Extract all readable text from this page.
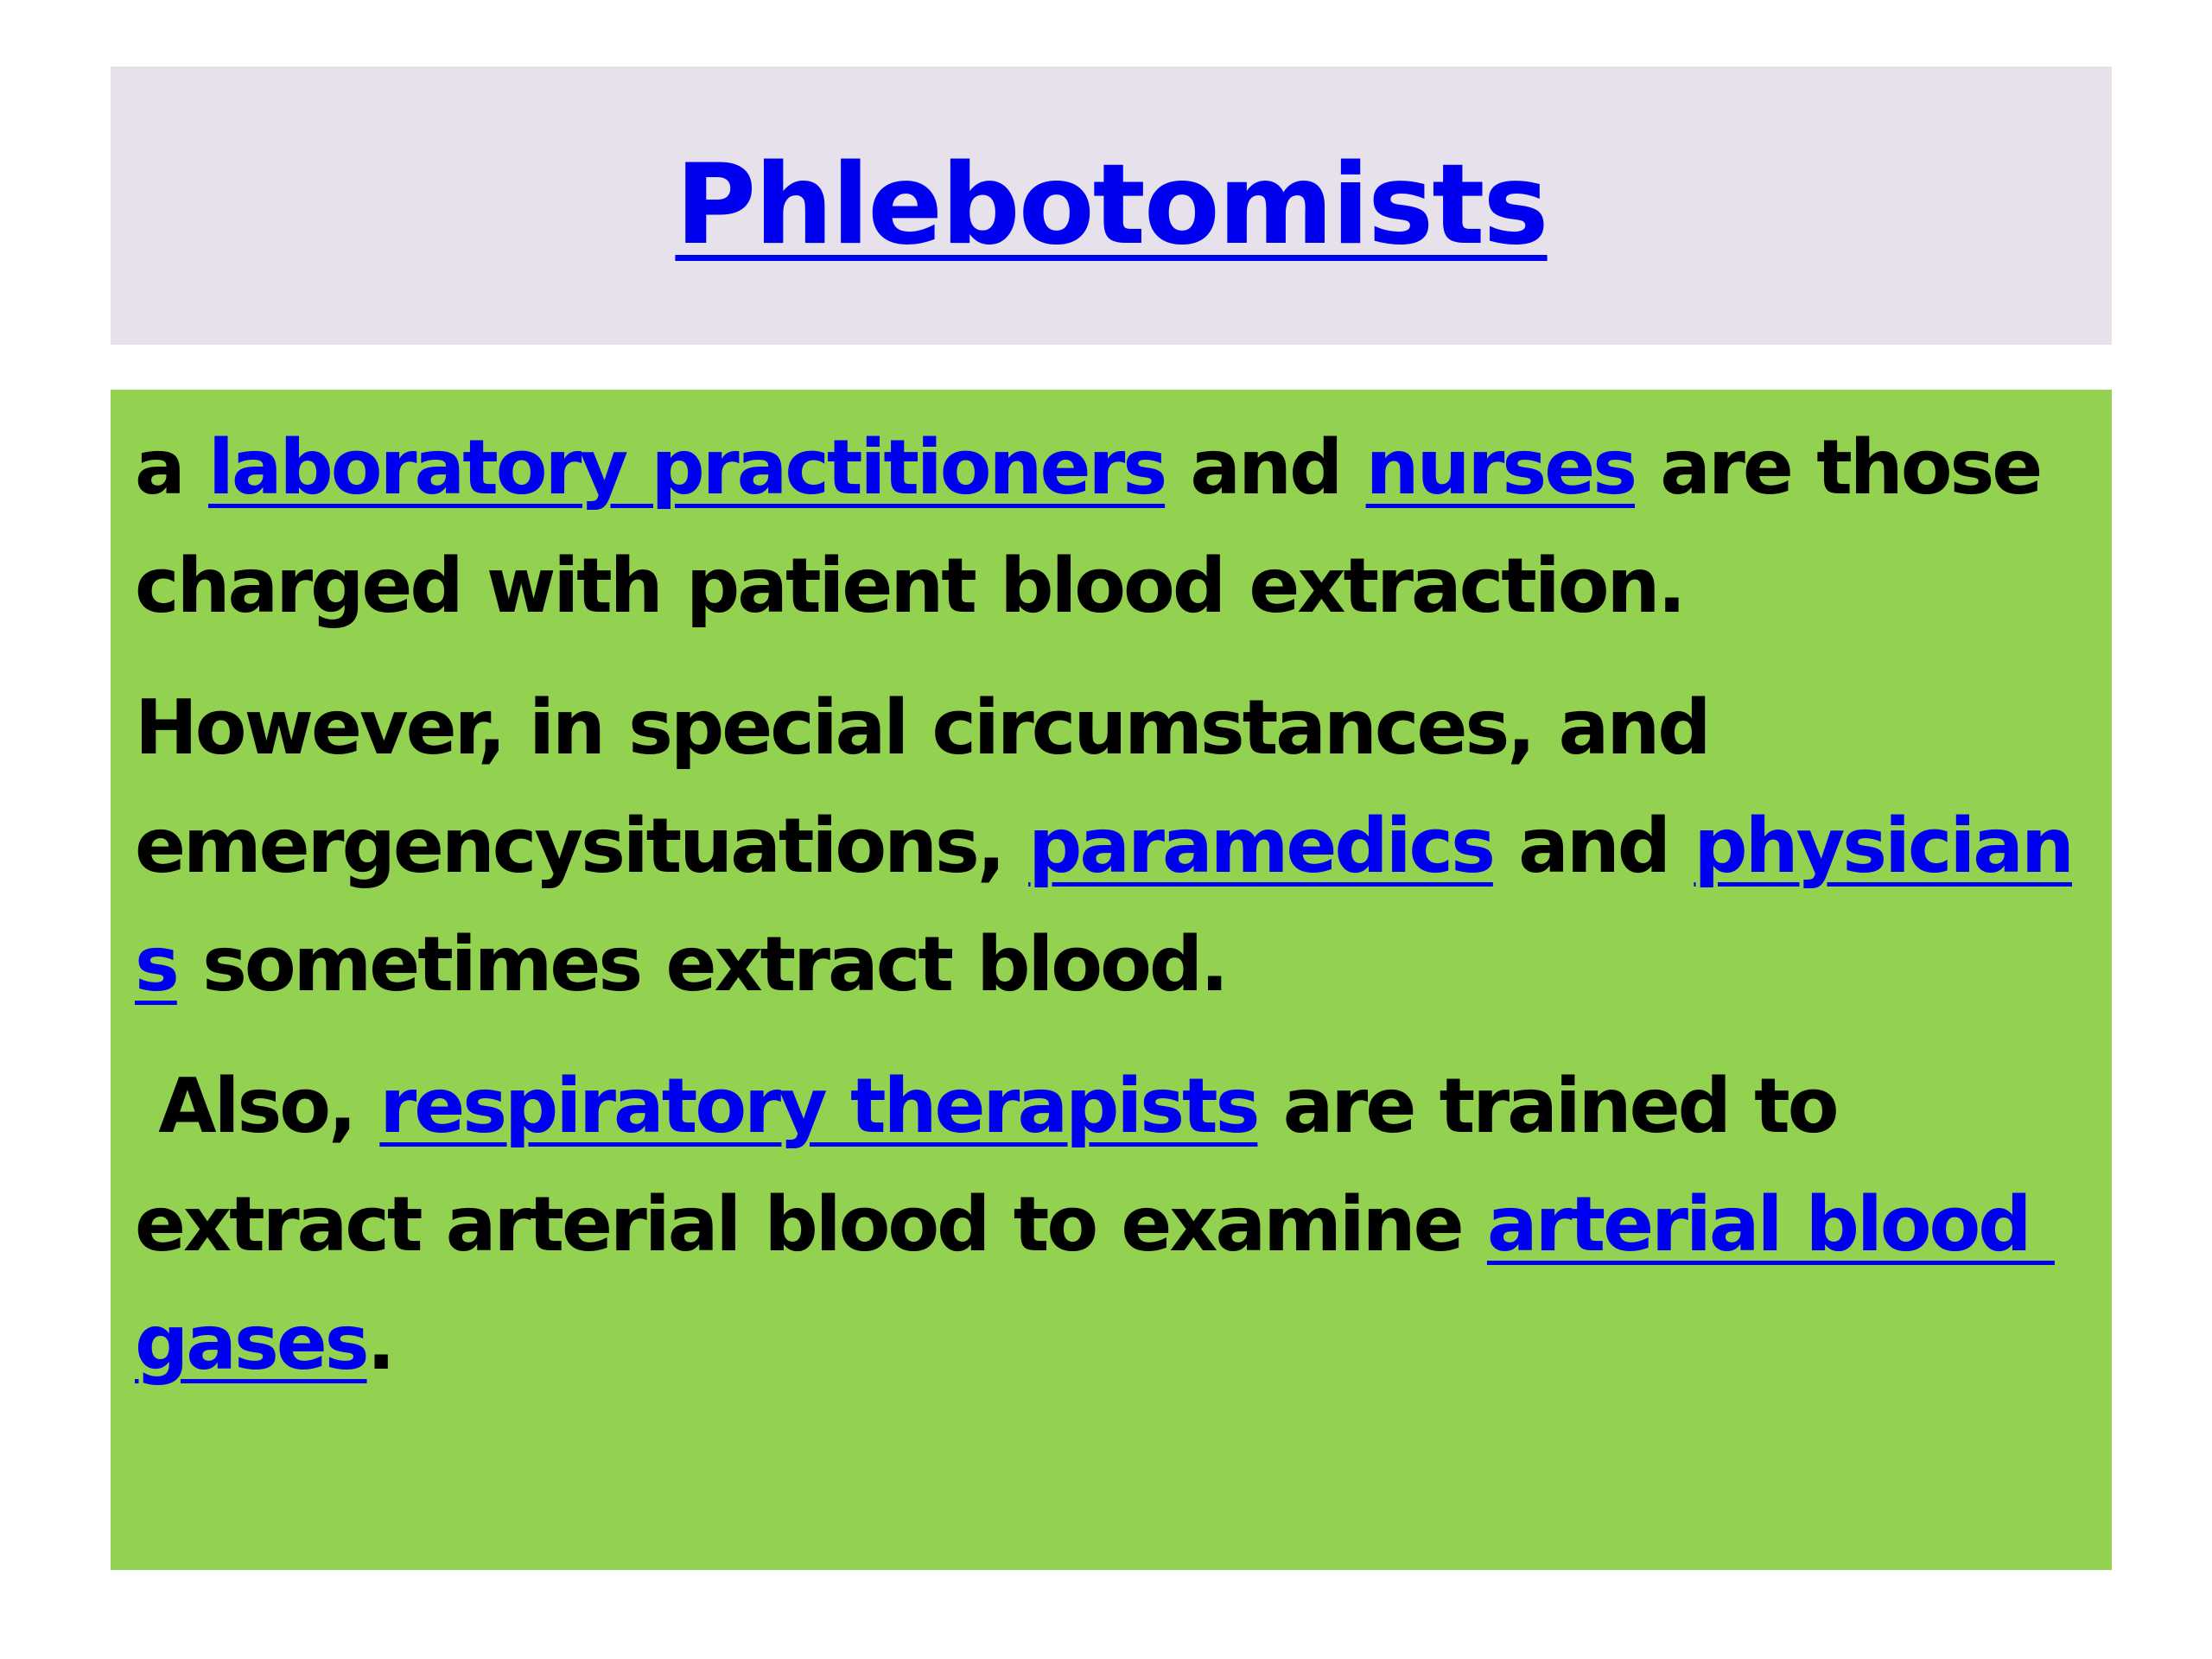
Phlebotomists

a laboratory practitioners and nurses are those
charged with patient blood extraction.

However, in special circumstances, and
emergencysituations, paramedics and physician
s sometimes extract blood.

Also, respiratory therapists are trained to
extract arterial blood to examine arterial blood
gases.
